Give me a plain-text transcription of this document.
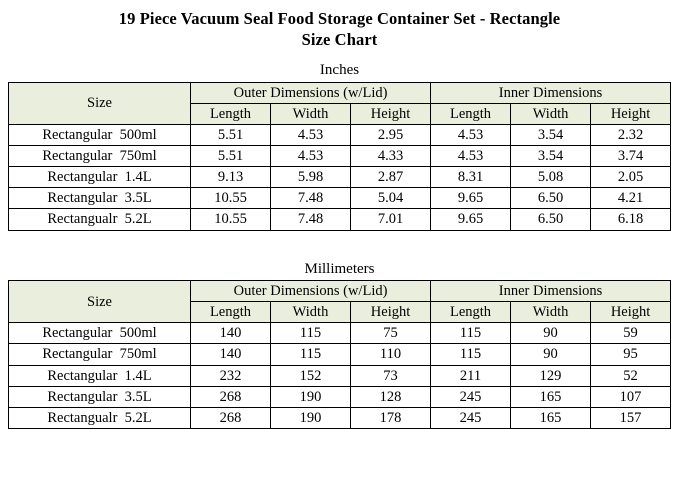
19 Piece Vacuum Seal Food Storage Container Set - Rectangle
Size Chart
Inches
Size	Outer Dimensions (w/Lid)			Inner Dimensions		
	Length	Width	Height	Length	Width	Height
Rectangular  500ml	5.51	4.53	2.95	4.53	3.54	2.32
Rectangular  750ml	5.51	4.53	4.33	4.53	3.54	3.74
Rectangular  1.4L	9.13	5.98	2.87	8.31	5.08	2.05
Rectangular  3.5L	10.55	7.48	5.04	9.65	6.50	4.21
Rectangualr  5.2L	10.55	7.48	7.01	9.65	6.50	6.18
Millimeters
Size	Outer Dimensions (w/Lid)			Inner Dimensions		
	Length	Width	Height	Length	Width	Height
Rectangular  500ml	140	115	75	115	90	59
Rectangular  750ml	140	115	110	115	90	95
Rectangular  1.4L	232	152	73	211	129	52
Rectangular  3.5L	268	190	128	245	165	107
Rectangualr  5.2L	268	190	178	245	165	157
